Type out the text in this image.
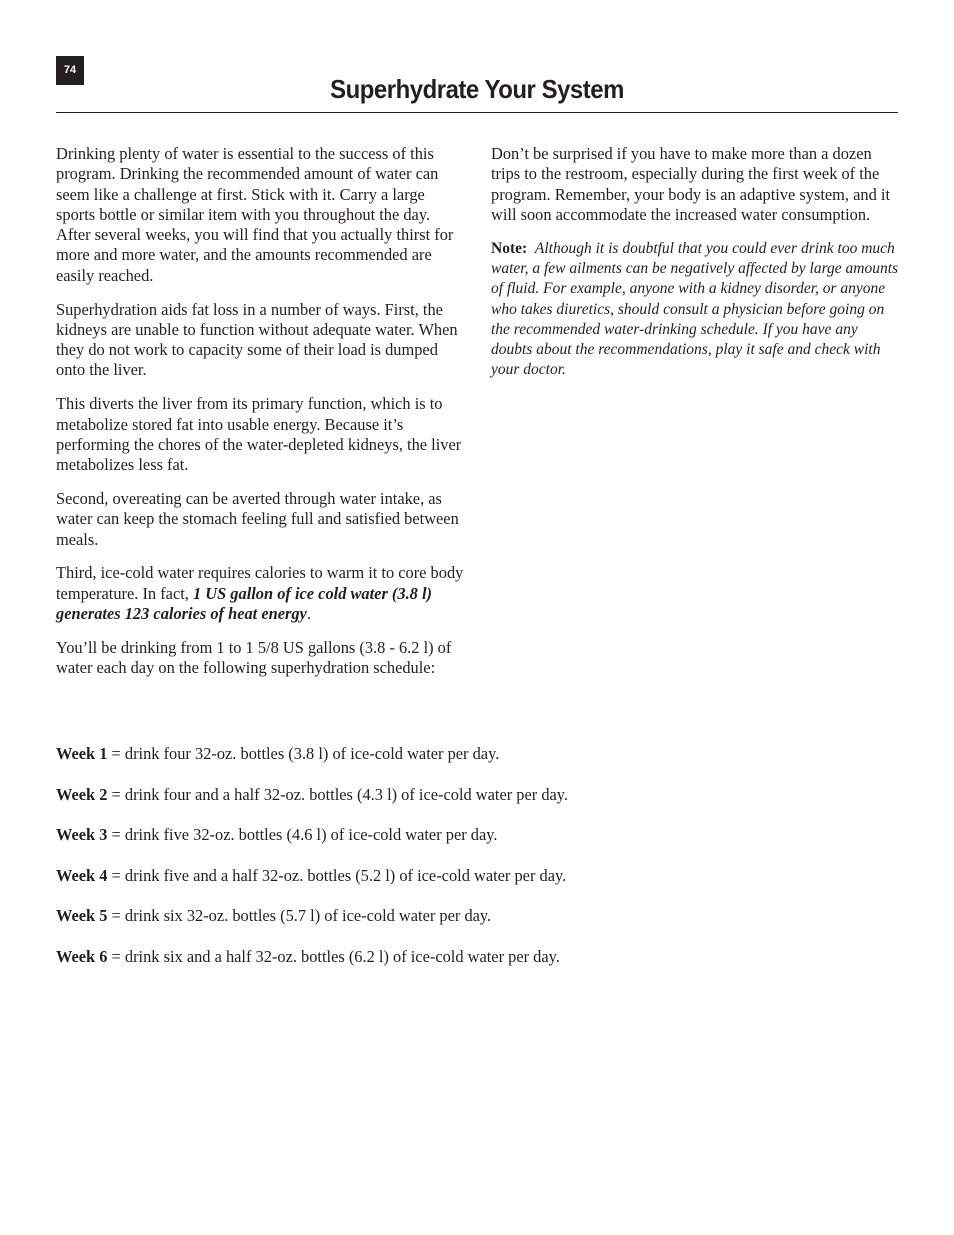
74
Superhydrate Your System

Drinking plenty of water is essential to the success of this program. Drinking the recommended amount of water can seem like a challenge at first. Stick with it. Carry a large sports bottle or similar item with you throughout the day. After several weeks, you will find that you actually thirst for more and more water, and the amounts recommended are easily reached.

Superhydration aids fat loss in a number of ways. First, the kidneys are unable to function without adequate water. When they do not work to capacity some of their load is dumped onto the liver.

This diverts the liver from its primary function, which is to metabolize stored fat into usable energy. Because it’s performing the chores of the water-depleted kidneys, the liver metabolizes less fat.

Second, overeating can be averted through water intake, as water can keep the stomach feeling full and satisfied between meals.

Third, ice-cold water requires calories to warm it to core body temperature. In fact, 1 US gallon of ice cold water (3.8 l) generates 123 calories of heat energy.

You’ll be drinking from 1 to 1 5/8 US gallons (3.8 - 6.2 l) of water each day on the following superhydration schedule:

Don’t be surprised if you have to make more than a dozen trips to the restroom, especially during the first week of the program. Remember, your body is an adaptive system, and it will soon accommodate the increased water consumption.

Note: Although it is doubtful that you could ever drink too much water, a few ailments can be negatively affected by large amounts of fluid. For example, anyone with a kidney disorder, or anyone who takes diuretics, should consult a physician before going on the recommended water-drinking schedule. If you have any doubts about the recommendations, play it safe and check with your doctor.

Week 1 = drink four 32-oz. bottles (3.8 l) of ice-cold water per day.
Week 2 = drink four and a half 32-oz. bottles (4.3 l) of ice-cold water per day.
Week 3 = drink five 32-oz. bottles (4.6 l) of ice-cold water per day.
Week 4 = drink five and a half 32-oz. bottles (5.2 l) of ice-cold water per day.
Week 5 = drink six 32-oz. bottles (5.7 l) of ice-cold water per day.
Week 6 = drink six and a half 32-oz. bottles (6.2 l) of ice-cold water per day.
